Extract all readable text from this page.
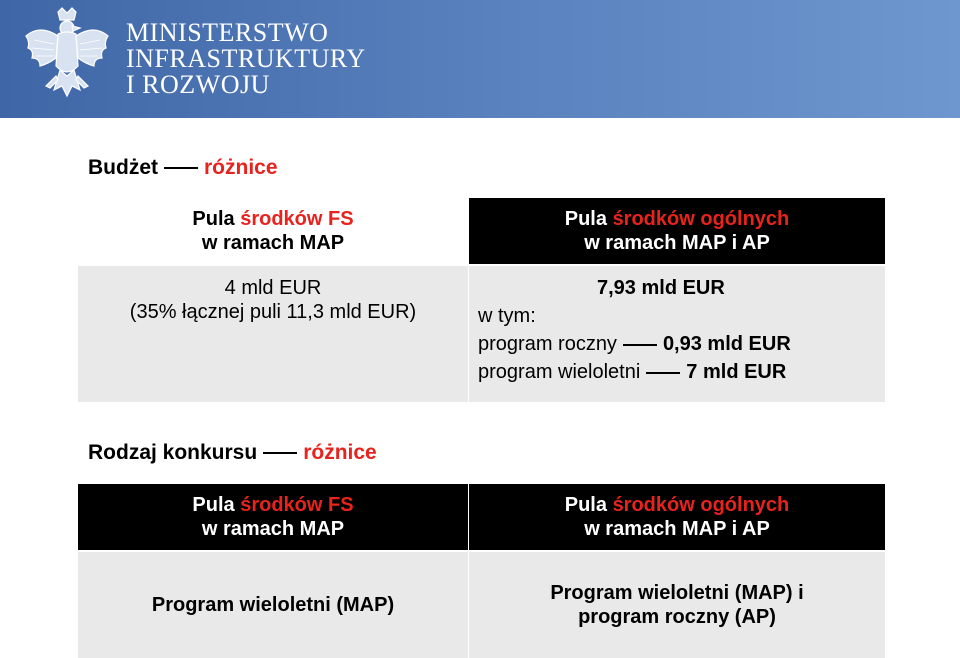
MINISTERSTWO
INFRASTRUKTURY
I ROZWOJU
Budżet różnice
Pula środków FS
w ramach MAP
Pula środków ogólnych
w ramach MAP i AP
4 mld EUR
(35% łącznej puli 11,3 mld EUR)
7,93 mld EUR
w tym:
program roczny 0,93 mld EUR
program wieloletni 7 mld EUR
Rodzaj konkursu różnice
Pula środków FS
w ramach MAP
Pula środków ogólnych
w ramach MAP i AP
Program wieloletni (MAP)
Program wieloletni (MAP) i
program roczny (AP)
